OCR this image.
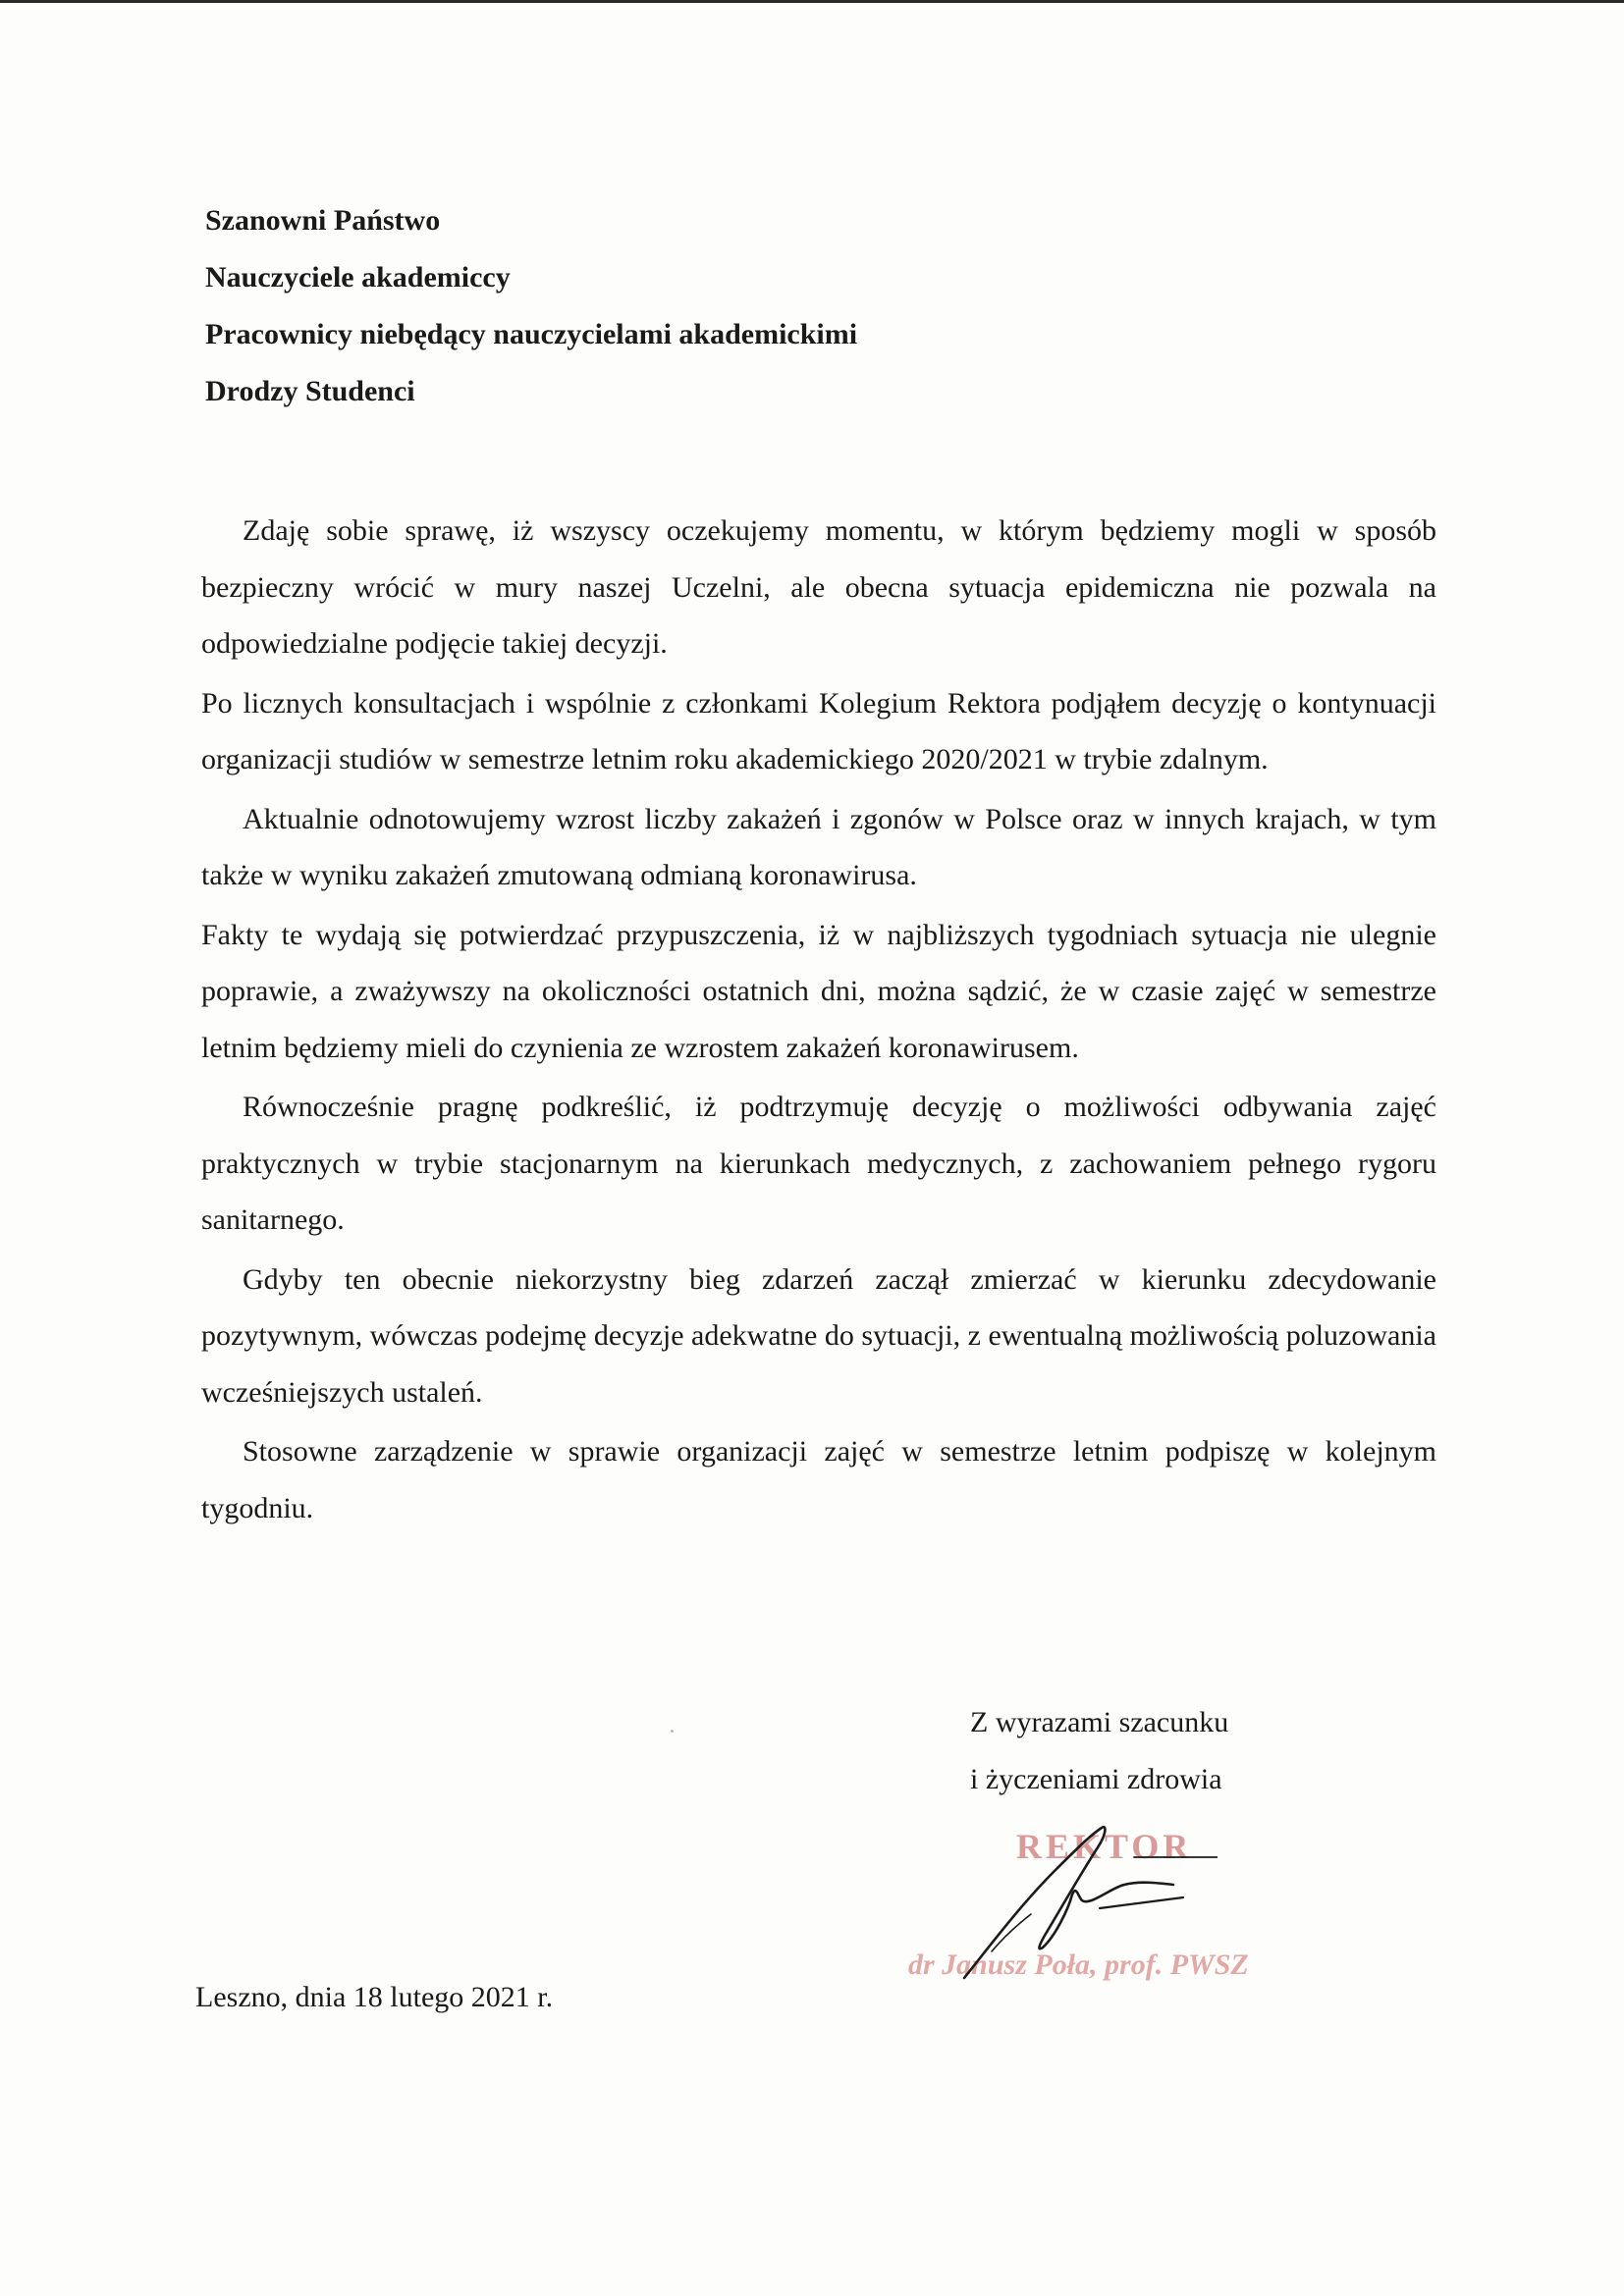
Szanowni Państwo
Nauczyciele akademiccy
Pracownicy niebędący nauczycielami akademickimi
Drodzy Studenci

Zdaję sobie sprawę, iż wszyscy oczekujemy momentu, w którym będziemy mogli w sposób bezpieczny wrócić w mury naszej Uczelni, ale obecna sytuacja epidemiczna nie pozwala na odpowiedzialne podjęcie takiej decyzji.

Po licznych konsultacjach i wspólnie z członkami Kolegium Rektora podjąłem decyzję o kontynuacji organizacji studiów w semestrze letnim roku akademickiego 2020/2021 w trybie zdalnym.

Aktualnie odnotowujemy wzrost liczby zakażeń i zgonów w Polsce oraz w innych krajach, w tym także w wyniku zakażeń zmutowaną odmianą koronawirusa.

Fakty te wydają się potwierdzać przypuszczenia, iż w najbliższych tygodniach sytuacja nie ulegnie poprawie, a zważywszy na okoliczności ostatnich dni, można sądzić, że w czasie zajęć w semestrze letnim będziemy mieli do czynienia ze wzrostem zakażeń koronawirusem.

Równocześnie pragnę podkreślić, iż podtrzymuję decyzję o możliwości odbywania zajęć praktycznych w trybie stacjonarnym na kierunkach medycznych, z zachowaniem pełnego rygoru sanitarnego.

Gdyby ten obecnie niekorzystny bieg zdarzeń zaczął zmierzać w kierunku zdecydowanie pozytywnym, wówczas podejmę decyzje adekwatne do sytuacji, z ewentualną możliwością poluzowania wcześniejszych ustaleń.

Stosowne zarządzenie w sprawie organizacji zajęć w semestrze letnim podpiszę w kolejnym tygodniu.

Z wyrazami szacunku
i życzeniami zdrowia
REKTOR
dr Janusz Poła, prof. PWSZ
Leszno, dnia 18 lutego 2021 r.
